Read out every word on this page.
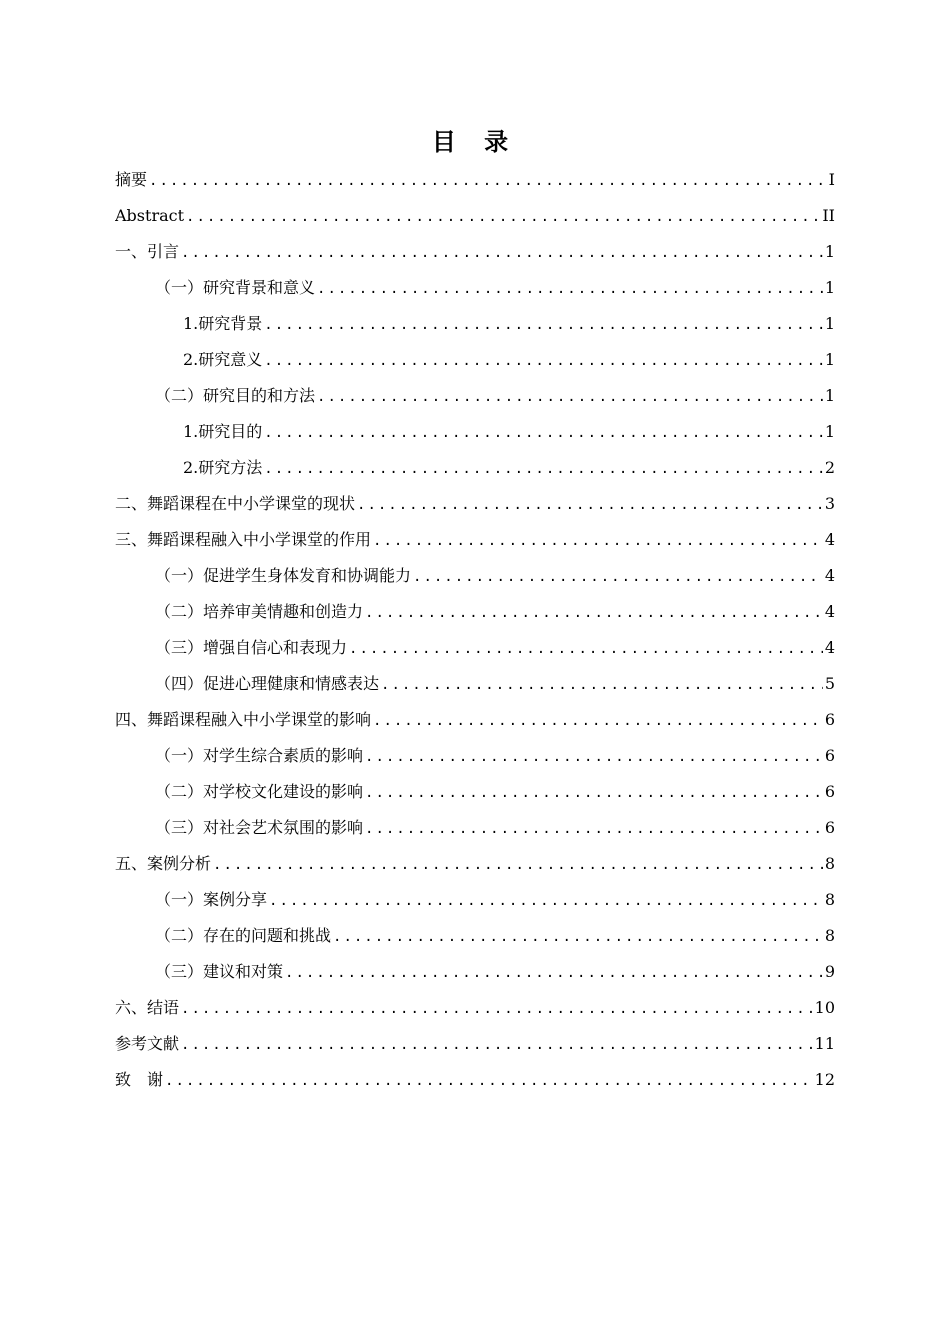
目 录
摘要 .....	I
Abstract .....	II
一、引言 .....	1
（一）研究背景和意义 .....	1
1.研究背景 .....	1
2.研究意义 .....	1
（二）研究目的和方法 .....	1
1.研究目的 .....	1
2.研究方法 .....	2
二、舞蹈课程在中小学课堂的现状 .....	3
三、舞蹈课程融入中小学课堂的作用 .....	4
（一）促进学生身体发育和协调能力 .....	4
（二）培养审美情趣和创造力 .....	4
（三）增强自信心和表现力 .....	4
（四）促进心理健康和情感表达 .....	5
四、舞蹈课程融入中小学课堂的影响 .....	6
（一）对学生综合素质的影响 .....	6
（二）对学校文化建设的影响 .....	6
（三）对社会艺术氛围的影响 .....	6
五、案例分析 .....	8
（一）案例分享 .....	8
（二）存在的问题和挑战 .....	8
（三）建议和对策 .....	9
六、结语 .....	10
参考文献 .....	11
致　谢 .....	12
